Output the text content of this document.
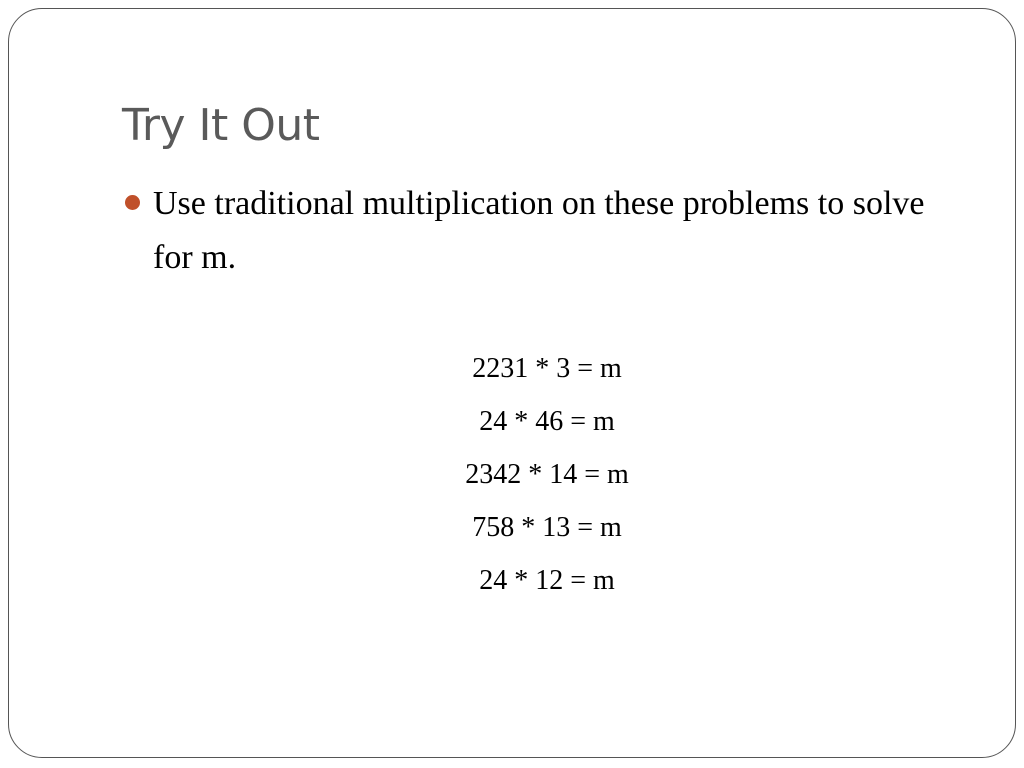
Try It Out
Use traditional multiplication on these problems to solve for m.
2231 * 3 = m
24 * 46 = m
2342 * 14 = m
758 * 13 = m
24 * 12 = m
